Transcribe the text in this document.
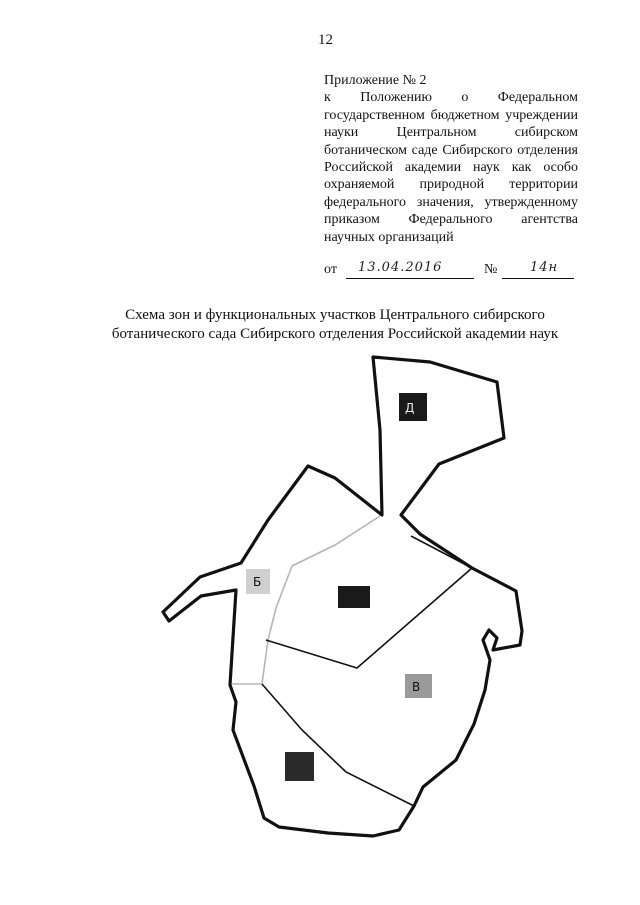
12
Приложение № 2
к Положению о Федеральном государственном бюджетном учреждении науки Центральном сибирском ботаническом саде Сибирского отделения Российской академии наук как особо охраняемой природной территории федерального значения, утвержденному приказом Федерального агентства научных организаций
от 13.04.2016	№	14н
Схема зон и функциональных участков Центрального сибирского ботанического сада Сибирского отделения Российской академии наук
Д
Б
В
